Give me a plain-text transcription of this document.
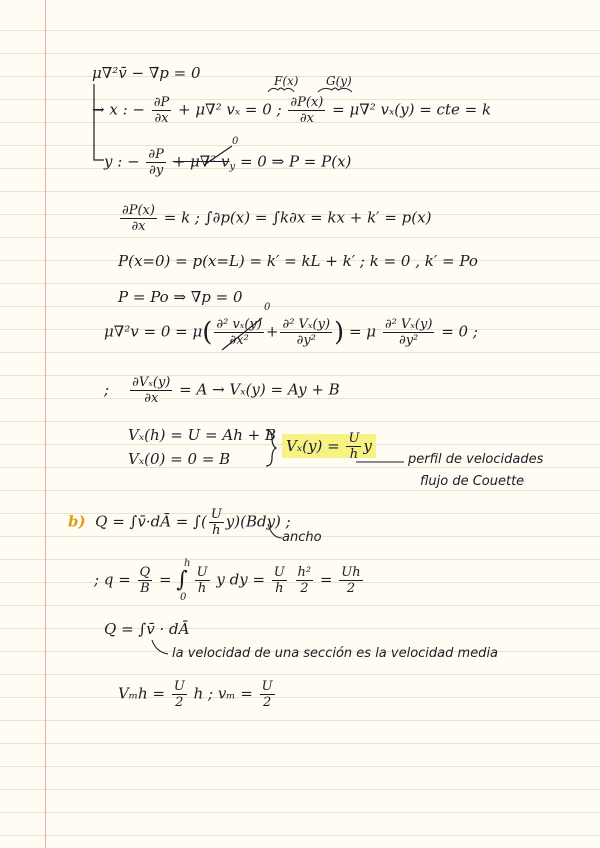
μ∇²v̄ − ∇̄p = 0	F(x) G(y)
→ x : − $\frac{\partial P}{\partial x} + \mu\nabla^2$ vₓ = 0 ; $\frac{\partial P(x)}{\partial x} = \mu\nabla^2$ vₓ(y) = cte = k
y : − $\frac{\partial P}{\partial y} + \mu\nabla^2$ $v_y = 0$ ⇒ P = P(x)
0
$\frac{\partial P(x)}{\partial x} = k$ ; ∫∂p(x) = ∫k∂x = kx + k′ = p(x)
P(x=0) = p(x=L) = k′ = kL + k′ ; k = 0 , k′ = Po
P = Po ⇒ ∇p = 0
$\mu\nabla^2v = 0 = \mu( \frac{\text{∂² vₓ(y)}}{\text{∂x²}} + \frac{\text{∂² Vₓ(y)}}{\text{∂y²}}$ ) = μ $\frac{\text{∂² Vₓ(y)}}{\text{∂y²}} = 0$ ;
0
; $\frac{\text{∂Vₓ(y)}}{\partial x} = A \to V_x(y) = Ay + B$
Vₓ(h) = U = Ah + B
Vₓ(0) = 0 = B
$V_x(y) = \frac{U}{h}$ y
perfil de velocidades
flujo de Couette
b) Q = ∫v̄·dĀ = ∫( $\frac{U}{h} y)(Bdy)$ ;
ancho
; $q = \frac{Q}{B}$ = ∫ $\frac{U}{h}$ y dy = $\frac{U}{h}$
$\frac{\text{h²}}{2} = \frac{Uh}{2}$
h
0
Q = ∫v̄ · dĀ
la velocidad de una sección es la velocidad media
$V_mh = \frac{U}{2}$ h ; $v_m = \frac{U}{2}$
